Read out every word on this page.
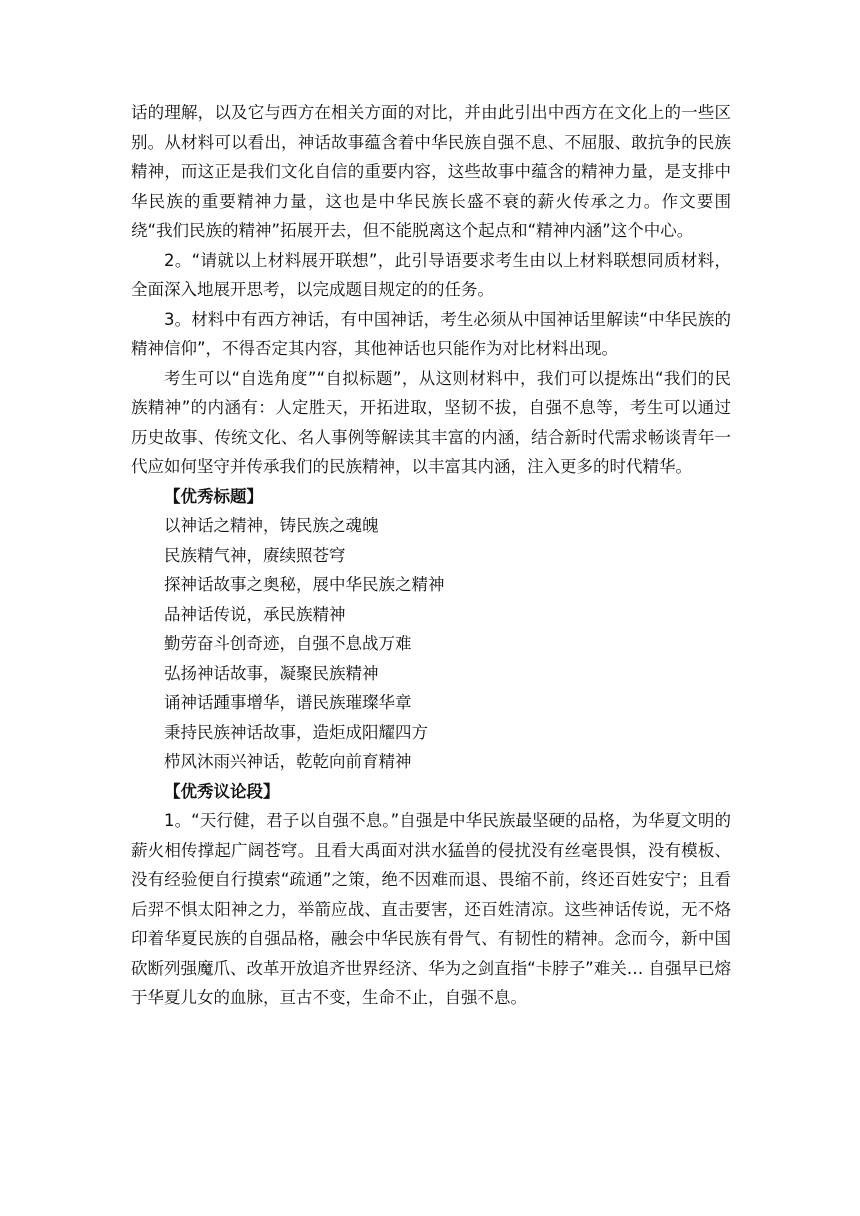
话的理解，以及它与西方在相关方面的对比，并由此引出中西方在文化上的一些区别。从材料可以看出，神话故事蕴含着中华民族自强不息、不屈服、敢抗争的民族精神，而这正是我们文化自信的重要内容，这些故事中蕴含的精神力量，是支排中华民族的重要精神力量，这也是中华民族长盛不衰的薪火传承之力。作文要围绕“我们民族的精神”拓展开去，但不能脱离这个起点和“精神内涵”这个中心。

2。“请就以上材料展开联想”，此引导语要求考生由以上材料联想同质材料，全面深入地展开思考，以完成题目规定的的任务。

3。材料中有西方神话，有中国神话，考生必须从中国神话里解读“中华民族的精神信仰”，不得否定其内容，其他神话也只能作为对比材料出现。

考生可以“自选角度”“自拟标题”，从这则材料中，我们可以提炼出“我们的民族精神”的内涵有：人定胜天，开拓进取，坚韧不拔，自强不息等，考生可以通过历史故事、传统文化、名人事例等解读其丰富的内涵，结合新时代需求畅谈青年一代应如何坚守并传承我们的民族精神，以丰富其内涵，注入更多的时代精华。

【优秀标题】

以神话之精神，铸民族之魂魄

民族精气神，赓续照苍穹

探神话故事之奥秘，展中华民族之精神

品神话传说，承民族精神

勤劳奋斗创奇迹，自强不息战万难

弘扬神话故事，凝聚民族精神

诵神话踵事增华，谱民族璀璨华章

秉持民族神话故事，造炬成阳耀四方

栉风沐雨兴神话，乾乾向前育精神

【优秀议论段】

1。“天行健，君子以自强不息。”自强是中华民族最坚硬的品格，为华夏文明的薪火相传撑起广阔苍穹。且看大禹面对洪水猛兽的侵扰没有丝毫畏惧，没有模板、没有经验便自行摸索“疏通”之策，绝不因难而退、畏缩不前，终还百姓安宁；且看后羿不惧太阳神之力，举箭应战、直击要害，还百姓清凉。这些神话传说，无不烙印着华夏民族的自强品格，融会中华民族有骨气、有韧性的精神。念而今，新中国砍断列强魔爪、改革开放追齐世界经济、华为之剑直指“卡脖子”难关… 自强早已熔于华夏儿女的血脉，亘古不变，生命不止，自强不息。
